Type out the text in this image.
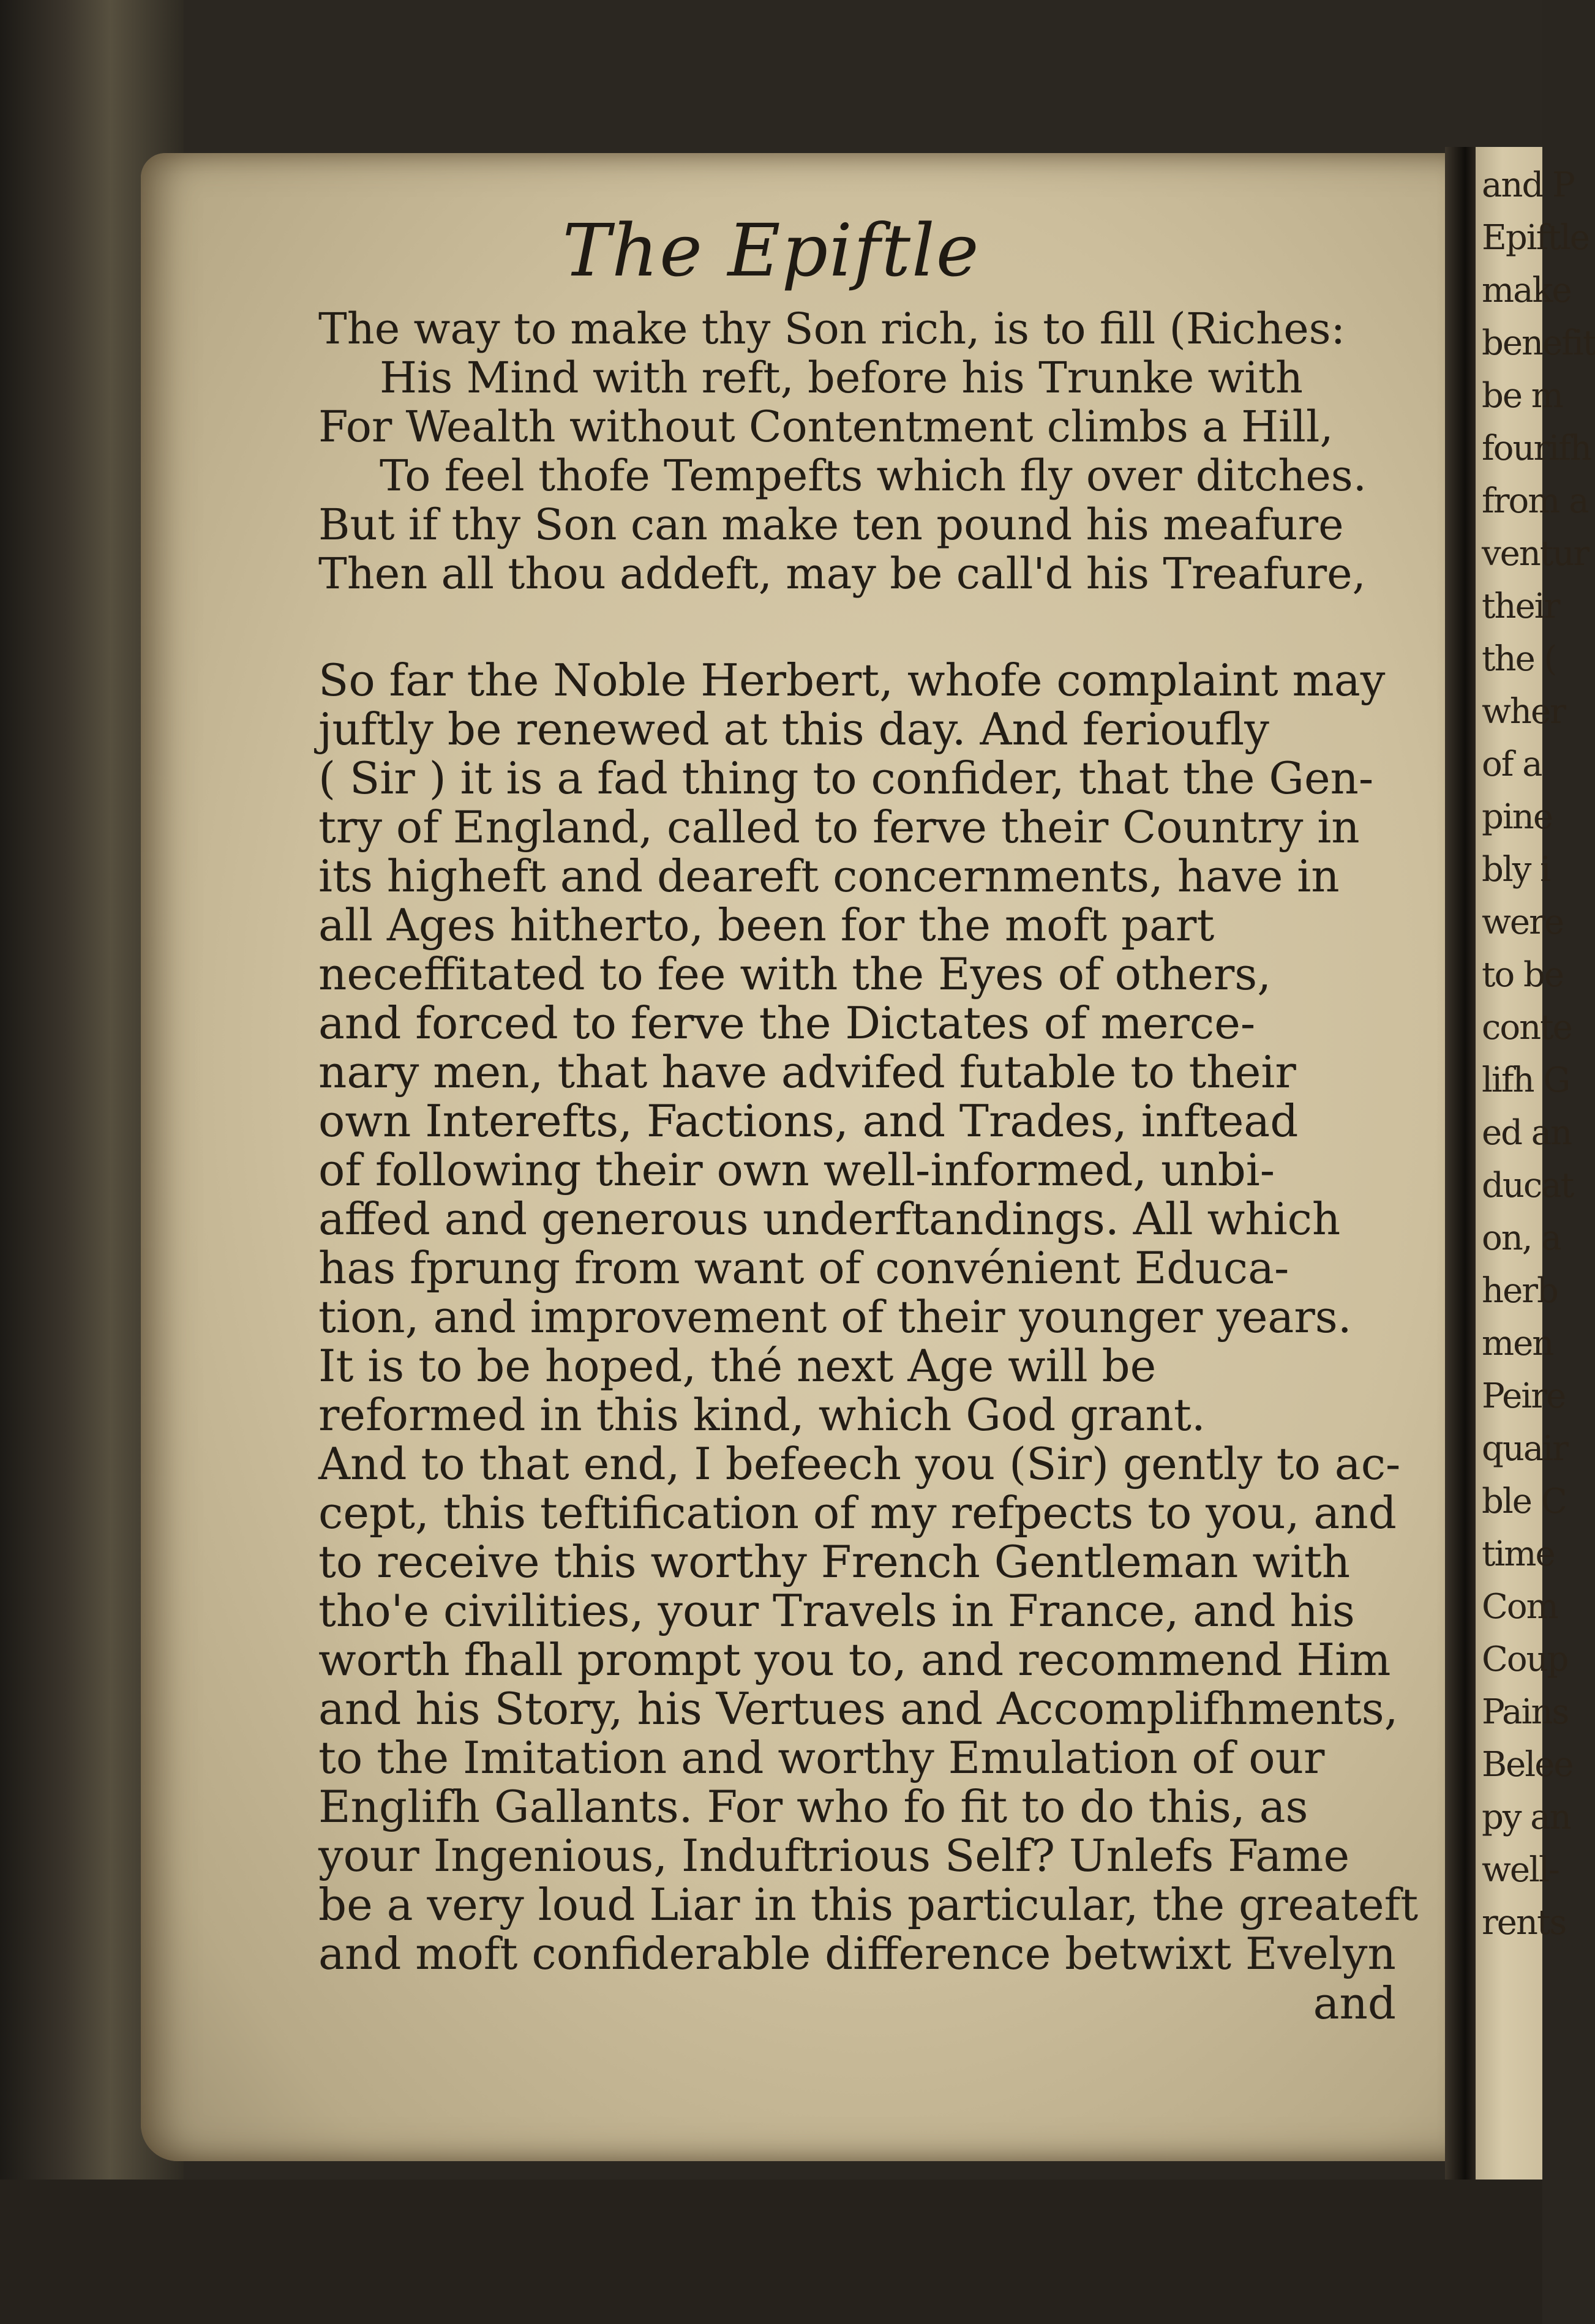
and P
Epiftle
make
benefit
be m
fourifh
from a
ventur
their
the (
wher
of a
pine
bly i
were
to be
conte
lifh G
ed an
ducat
on, a
herb
men
Peire
quair
ble C
time
Com
Coup
Pains
Belee
py an
well-
rents
The Epiftle
The way to make thy Son rich, is to fill (Riches:
His Mind with reft, before his Trunke with
For Wealth without Contentment climbs a Hill,
To feel thofe Tempefts which fly over ditches.
But if thy Son can make ten pound his meafure
Then all thou addeft, may be call'd his Treafure,
So far the Noble Herbert, whofe complaint may
juftly be renewed at this day. And ferioufly
( Sir ) it is a fad thing to confider, that the Gen-
try of England, called to ferve their Country in
its higheft and deareft concernments, have in
all Ages hitherto, been for the moft part
neceffitated to fee with the Eyes of others,
and forced to ferve the Dictates of merce-
nary men, that have advifed futable to their
own Interefts, Factions, and Trades, inftead
of following their own well-informed, unbi-
affed and generous underftandings. All which
has fprung from want of convénient Educa-
tion, and improvement of their younger years.
It is to be hoped, thé next Age will be
reformed in this kind, which God grant.
And to that end, I befeech you (Sir) gently to ac-
cept, this teftification of my refpects to you, and
to receive this worthy French Gentleman with
tho'e civilities, your Travels in France, and his
worth fhall prompt you to, and recommend Him
and his Story, his Vertues and Accomplifhments,
to the Imitation and worthy Emulation of our
Englifh Gallants. For who fo fit to do this, as
your Ingenious, Induftrious Self? Unlefs Fame
be a very loud Liar in this particular, the greateft
and moft confiderable difference betwixt Evelyn
and
